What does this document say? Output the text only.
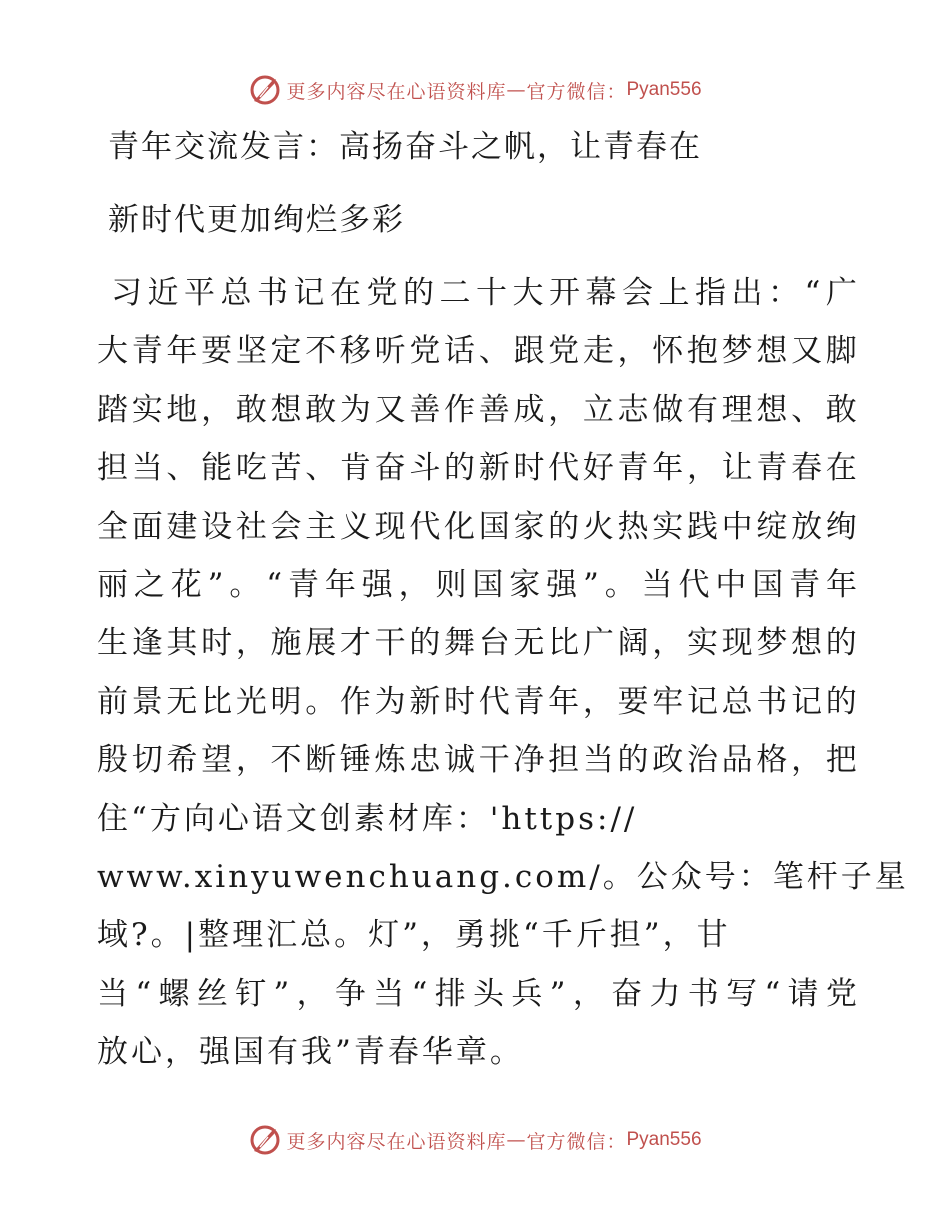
更多内容尽在心语资料库 — 官方微信： Pyan556
青年交流发言：高扬奋斗之帆，让青春在
新时代更加绚烂多彩
习 近 平 总 书 记 在 党 的 二 十 大 开 幕 会 上 指 出 ： “ 广
大 青 年 要 坚 定 不 移 听 党 话 、 跟 党 走 ， 怀 抱 梦 想 又 脚
踏 实 地 ， 敢 想 敢 为 又 善 作 善 成 ， 立 志 做 有 理 想 、 敢
担 当 、 能 吃 苦 、 肯 奋 斗 的 新 时 代 好 青 年 ， 让 青 春 在
全 面 建 设 社 会 主 义 现 代 化 国 家 的 火 热 实 践 中 绽 放 绚
丽 之 花 ” 。 “ 青 年 强 ， 则 国 家 强 ” 。 当 代 中 国 青 年
生 逢 其 时 ， 施 展 才 干 的 舞 台 无 比 广 阔 ， 实 现 梦 想 的
前 景 无 比 光 明 。 作 为 新 时 代 青 年 ， 要 牢 记 总 书 记 的
殷 切 希 望 ， 不 断 锤 炼 忠 诚 干 净 担 当 的 政 治 品 格 ， 把
住“方向心语文创素材库：'https://
www.xinyuwenchuang.com/。公众号：笔杆子星
域?。|整理汇总。灯”，勇挑“千斤担”，甘
当 “ 螺 丝 钉 ” ， 争 当 “ 排 头 兵 ” ， 奋 力 书 写 “ 请 党
放心，强国有我”青春华章。
更多内容尽在心语资料库 — 官方微信： Pyan556
